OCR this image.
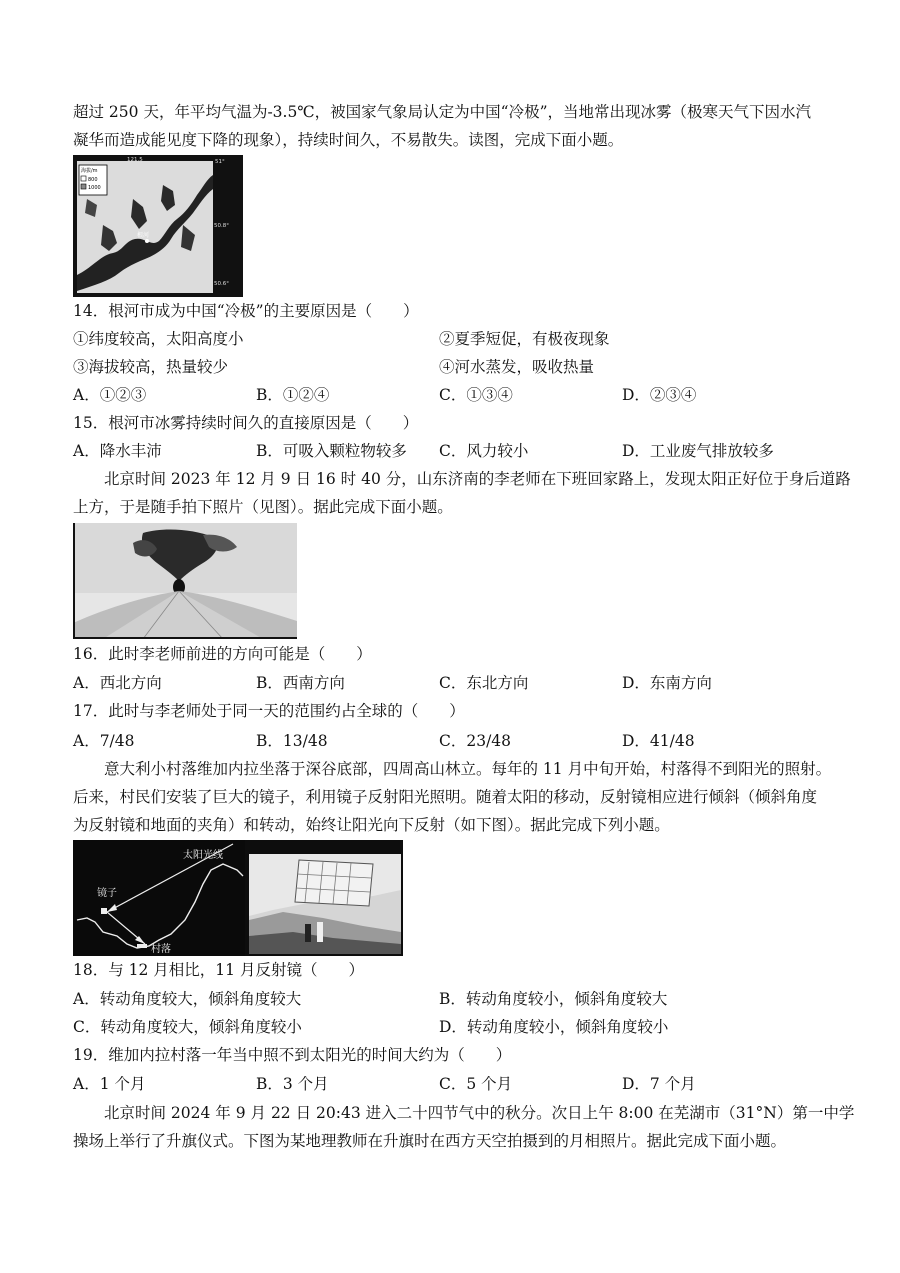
超过 250 天，年平均气温为-3.5℃，被国家气象局认定为中国“冷极”，当地常出现冰雾（极寒天气下因水汽
凝华而造成能见度下降的现象），持续时间久，不易散失。读图，完成下面小题。
海拔/m
800
1000
121.5	51°
50.8°
50.6°
根河
14．根河市成为中国“冷极”的主要原因是（　　）
①纬度较高，太阳高度小	②夏季短促，有极夜现象
③海拔较高，热量较少	④河水蒸发，吸收热量
A．①②③	B．①②④	C．①③④	D．②③④
15．根河市冰雾持续时间久的直接原因是（　　）
A．降水丰沛	B．可吸入颗粒物较多 C．风力较小	D．工业废气排放较多
北京时间 2023 年 12 月 9 日 16 时 40 分，山东济南的李老师在下班回家路上，发现太阳正好位于身后道路
上方，于是随手拍下照片（见图）。据此完成下面小题。
16．此时李老师前进的方向可能是（　　）
A．西北方向	B．西南方向	C．东北方向	D．东南方向
17．此时与李老师处于同一天的范围约占全球的（　　）
A．7/48	B．13/48	C．23/48	D．41/48
意大利小村落维加内拉坐落于深谷底部，四周高山林立。每年的 11 月中旬开始，村落得不到阳光的照射。
后来，村民们安装了巨大的镜子，利用镜子反射阳光照明。随着太阳的移动，反射镜相应进行倾斜（倾斜角度
为反射镜和地面的夹角）和转动，始终让阳光向下反射（如下图）。据此完成下列小题。
镜子
太阳光线
村落
18．与 12 月相比，11 月反射镜（　　）
A．转动角度较大，倾斜角度较大	B．转动角度较小，倾斜角度较大
C．转动角度较大，倾斜角度较小	D．转动角度较小，倾斜角度较小
19．维加内拉村落一年当中照不到太阳光的时间大约为（　　）
A．1 个月	B．3 个月	C．5 个月	D．7 个月
北京时间 2024 年 9 月 22 日 20:43 进入二十四节气中的秋分。次日上午 8:00 在芜湖市（31°N）第一中学
操场上举行了升旗仪式。下图为某地理教师在升旗时在西方天空拍摄到的月相照片。据此完成下面小题。
